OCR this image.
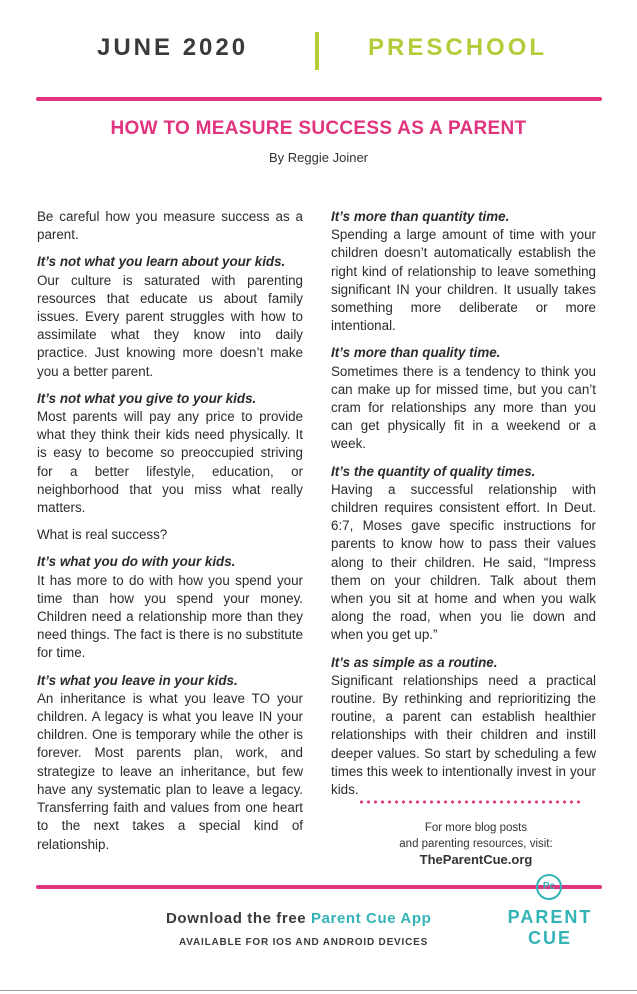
JUNE 2020	PRESCHOOL
HOW TO MEASURE SUCCESS AS A PARENT
By Reggie Joiner

Be careful how you measure success as a parent.

It’s not what you learn about your kids.
Our culture is saturated with parenting resources that educate us about family issues. Every parent struggles with how to assimilate what they know into daily practice. Just knowing more doesn’t make you a better parent.

It’s not what you give to your kids.
Most parents will pay any price to provide what they think their kids need physically. It is easy to become so preoccupied striving for a better lifestyle, education, or neighborhood that you miss what really matters.

What is real success?

It’s what you do with your kids.
It has more to do with how you spend your time than how you spend your money. Children need a relationship more than they need things. The fact is there is no substitute for time.

It’s what you leave in your kids.
An inheritance is what you leave TO your children. A legacy is what you leave IN your children. One is temporary while the other is forever. Most parents plan, work, and strategize to leave an inheritance, but few have any systematic plan to leave a legacy. Transferring faith and values from one heart to the next takes a special kind of relationship.

It’s more than quantity time.
Spending a large amount of time with your children doesn’t automatically establish the right kind of relationship to leave something significant IN your children. It usually takes something more deliberate or more intentional.

It’s more than quality time.
Sometimes there is a tendency to think you can make up for missed time, but you can’t cram for relationships any more than you can get physically fit in a weekend or a week.

It’s the quantity of quality times.
Having a successful relationship with children requires consistent effort. In Deut. 6:7, Moses gave specific instructions for parents to know how to pass their values along to their children. He said, “Impress them on your children. Talk about them when you sit at home and when you walk along the road, when you lie down and when you get up.”

It’s as simple as a routine.
Significant relationships need a practical routine. By rethinking and reprioritizing the routine, a parent can establish healthier relationships with their children and instill deeper values. So start by scheduling a few times this week to intentionally invest in your kids.

For more blog posts
and parenting resources, visit:
TheParentCue.org
Download the free Parent Cue App
AVAILABLE FOR IOS AND ANDROID DEVICES
Pc
PARENT
CUE
